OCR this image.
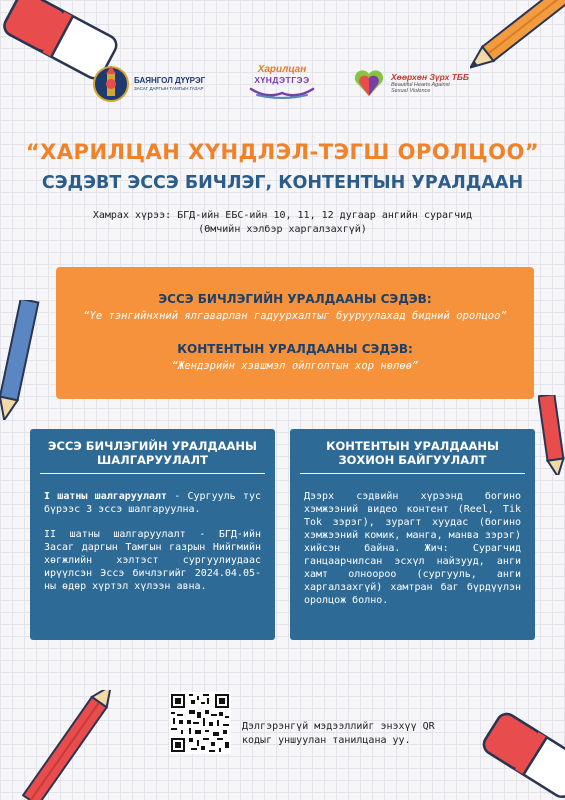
БАЯНГОЛ ДҮҮРЭГ
ЗАСАГ ДАРГЫН ТАМГЫН ГАЗАР
Харилцан
ХҮНДЭТГЭЭ	Хөөрхөн Зүрх ТББ
Beautiful Hearts Against
Sexual Violence
“ХАРИЛЦАН ХҮНДЛЭЛ-ТЭГШ ОРОЛЦОО”
СЭДЭВТ ЭССЭ БИЧЛЭГ, КОНТЕНТЫН УРАЛДААН
Хамрах хүрээ: БГД-ийн ЕБС-ийн 10, 11, 12 дугаар ангийн сурагчид
(Өмчийн хэлбэр харгалзахгүй)
ЭССЭ БИЧЛЭГИЙН УРАЛДААНЫ СЭДЭВ:
“Үе тэнгийнхний ялгаварлан гадуурхалтыг бууруулахад бидний оролцоо”
КОНТЕНТЫН УРАЛДААНЫ СЭДЭВ:
“Жендэрийн хэвшмэл ойлголтын хор нөлөө”
ЭССЭ БИЧЛЭГИЙН УРАЛДААНЫ ШАЛГАРУУЛАЛТ
I шатны шалгаруулалт - Сургууль тус бүрээс 3 эссэ шалгаруулна.
II шатны шалгаруулалт - БГД-ийн Засаг даргын Тамгын газрын Нийгмийн хөгжлийн хэлтэст сургуулиудаас ирүүлсэн Эссэ бичлэгийг 2024.04.05-ны өдөр хүртэл хүлээн авна.
КОНТЕНТЫН УРАЛДААНЫ ЗОХИОН БАЙГУУЛАЛТ
Дээрх сэдвийн хүрээнд богино хэмжээний видео контент (Reel, Tik Tok зэрэг), зурагт хуудас (богино хэмжээний комик, манга, манва зэрэг) хийсэн байна. Жич: Сурагчид ганцаарчилсан эсхүл найзууд, анги хамт олноороо (сургууль, анги харгалзахгүй) хамтран баг бүрдүүлэн оролцож болно.
Дэлгэрэнгүй мэдээллийг энэхүү QR кодыг уншуулан танилцана уу.
